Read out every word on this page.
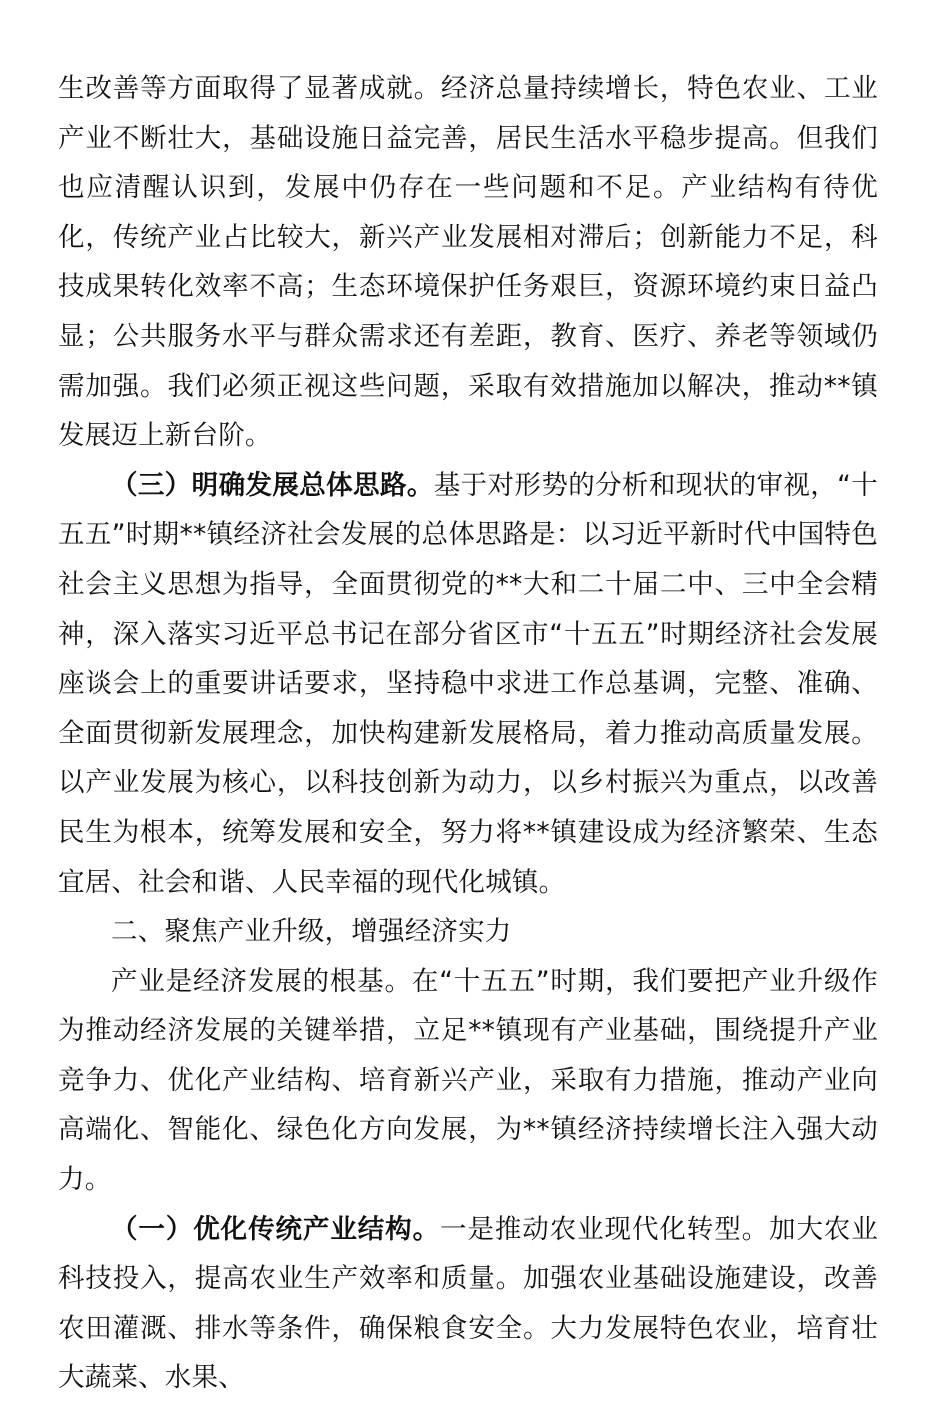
生改善等方面取得了显著成就。经济总量持续增长，特色农业、工业产业不断壮大，基础设施日益完善，居民生活水平稳步提高。但我们也应清醒认识到，发展中仍存在一些问题和不足。产业结构有待优化，传统产业占比较大，新兴产业发展相对滞后；创新能力不足，科技成果转化效率不高；生态环境保护任务艰巨，资源环境约束日益凸显；公共服务水平与群众需求还有差距，教育、医疗、养老等领域仍需加强。我们必须正视这些问题，采取有效措施加以解决，推动**镇发展迈上新台阶。

（三）明确发展总体思路。基于对形势的分析和现状的审视，“十五五”时期**镇经济社会发展的总体思路是：以习近平新时代中国特色社会主义思想为指导，全面贯彻党的**大和二十届二中、三中全会精神，深入落实习近平总书记在部分省区市“十五五”时期经济社会发展座谈会上的重要讲话要求，坚持稳中求进工作总基调，完整、准确、全面贯彻新发展理念，加快构建新发展格局，着力推动高质量发展。以产业发展为核心，以科技创新为动力，以乡村振兴为重点，以改善民生为根本，统筹发展和安全，努力将**镇建设成为经济繁荣、生态宜居、社会和谐、人民幸福的现代化城镇。

二、聚焦产业升级，增强经济实力

产业是经济发展的根基。在“十五五”时期，我们要把产业升级作为推动经济发展的关键举措，立足**镇现有产业基础，围绕提升产业竞争力、优化产业结构、培育新兴产业，采取有力措施，推动产业向高端化、智能化、绿色化方向发展，为**镇经济持续增长注入强大动力。

（一）优化传统产业结构。一是推动农业现代化转型。加大农业科技投入，提高农业生产效率和质量。加强农业基础设施建设，改善农田灌溉、排水等条件，确保粮食安全。大力发展特色农业，培育壮大蔬菜、水果、
